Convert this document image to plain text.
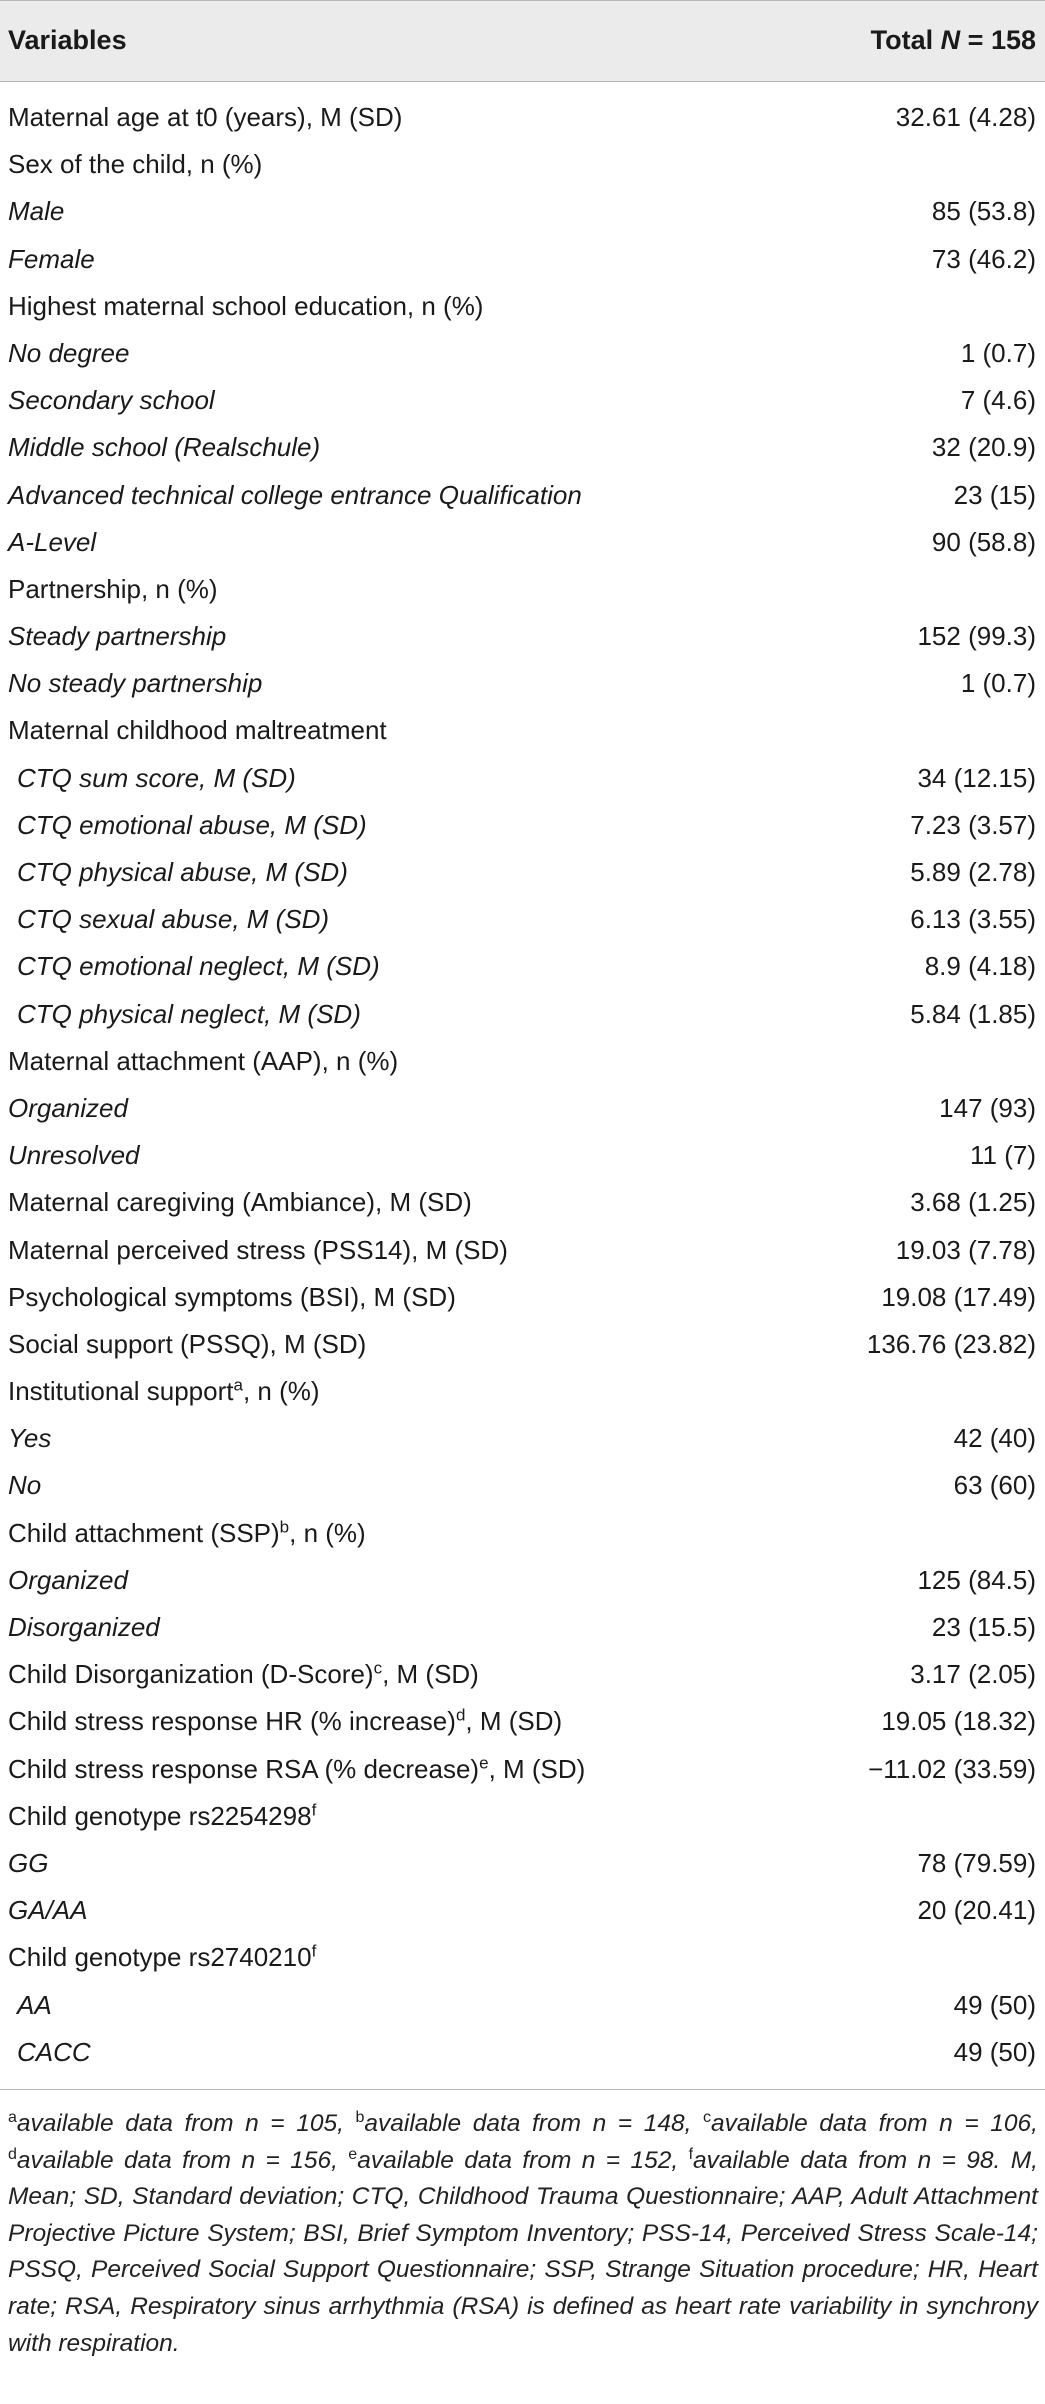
Variables	Total N = 158
Maternal age at t0 (years), M (SD)	32.61 (4.28)
Sex of the child, n (%)
Male	85 (53.8)
Female	73 (46.2)
Highest maternal school education, n (%)
No degree	1 (0.7)
Secondary school	7 (4.6)
Middle school (Realschule)	32 (20.9)
Advanced technical college entrance Qualification	23 (15)
A-Level	90 (58.8)
Partnership, n (%)
Steady partnership	152 (99.3)
No steady partnership	1 (0.7)
Maternal childhood maltreatment
CTQ sum score, M (SD)	34 (12.15)
CTQ emotional abuse, M (SD)	7.23 (3.57)
CTQ physical abuse, M (SD)	5.89 (2.78)
CTQ sexual abuse, M (SD)	6.13 (3.55)
CTQ emotional neglect, M (SD)	8.9 (4.18)
CTQ physical neglect, M (SD)	5.84 (1.85)
Maternal attachment (AAP), n (%)
Organized	147 (93)
Unresolved	11 (7)
Maternal caregiving (Ambiance), M (SD)	3.68 (1.25)
Maternal perceived stress (PSS14), M (SD)	19.03 (7.78)
Psychological symptoms (BSI), M (SD)	19.08 (17.49)
Social support (PSSQ), M (SD)	136.76 (23.82)
Institutional support$^a$, n (%)
Yes	42 (40)
No	63 (60)
Child attachment (SSP)$^b$, n (%)
Organized	125 (84.5)
Disorganized	23 (15.5)
Child Disorganization (D-Score)$^c$, M (SD)	3.17 (2.05)
Child stress response HR (% increase)$^d$, M (SD)	19.05 (18.32)
Child stress response RSA (% decrease)$^e$, M (SD)	−11.02 (33.59)
Child genotype rs2254298$^f$
GG	78 (79.59)
GA/AA	20 (20.41)
Child genotype rs2740210$^f$
AA	49 (50)
CACC	49 (50)
$^a$available data from n = 105, $^b$available data from n = 148, $^c$available data from n = 106, $^d$available data from n = 156, $^e$available data from n = 152, $^f$available data from n = 98. M, Mean; SD, Standard deviation; CTQ, Childhood Trauma Questionnaire; AAP, Adult Attachment Projective Picture System; BSI, Brief Symptom Inventory; PSS-14, Perceived Stress Scale-14; PSSQ, Perceived Social Support Questionnaire; SSP, Strange Situation procedure; HR, Heart rate; RSA, Respiratory sinus arrhythmia (RSA) is defined as heart rate variability in synchrony with respiration.
